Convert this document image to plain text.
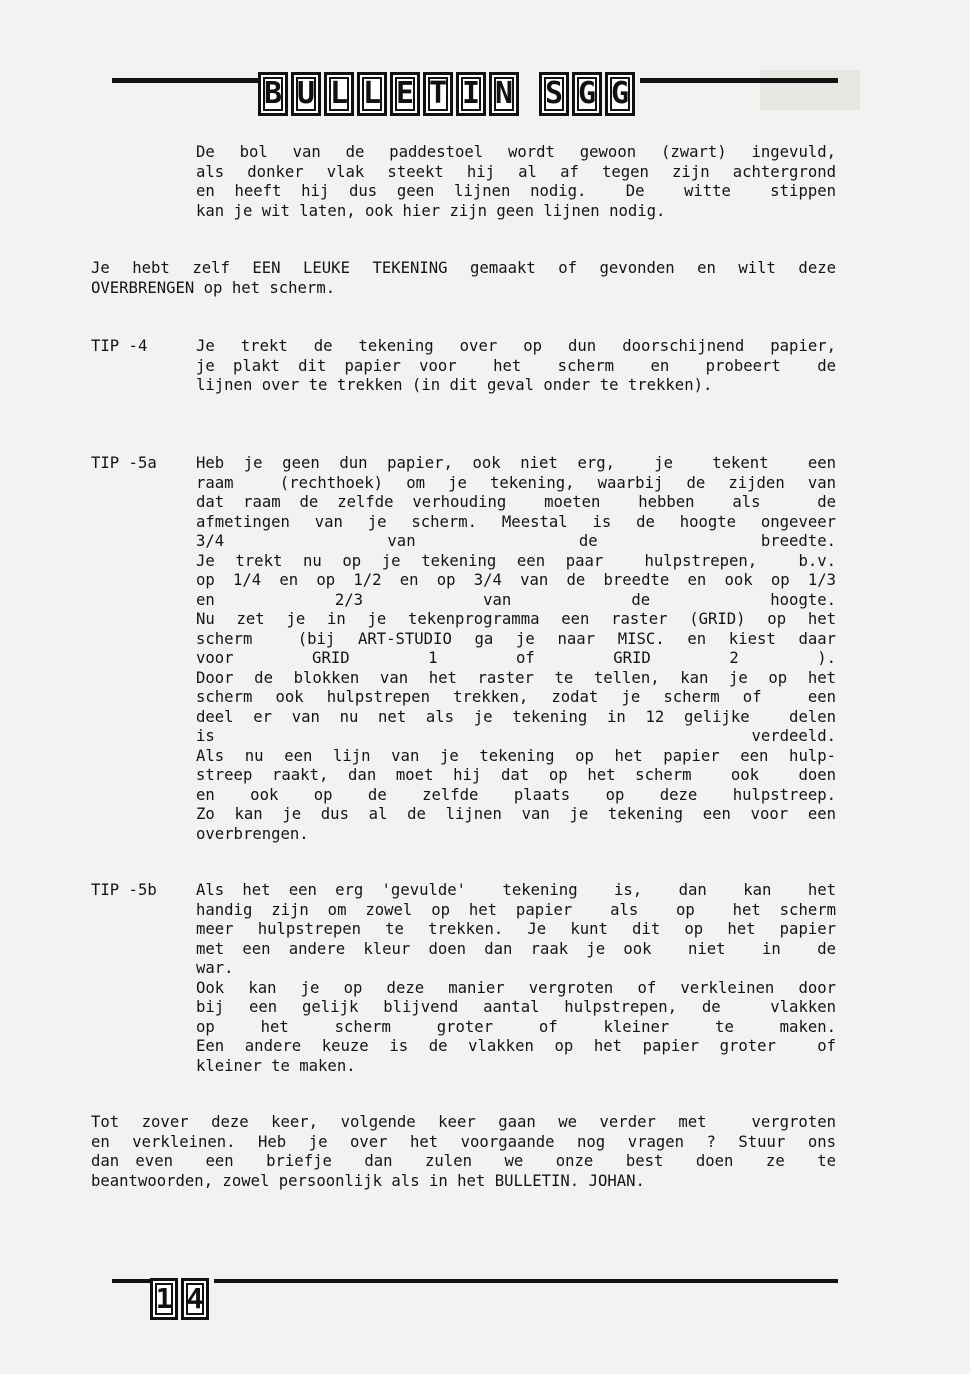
B U L L E T I N S G G
De bol van de paddestoel wordt gewoon (zwart) ingevuld,
als donker vlak steekt hij al af tegen zijn achtergrond
en heeft hij dus geen lijnen nodig.  De  witte  stippen
kan je wit laten, ook hier zijn geen lijnen nodig.
Je hebt zelf EEN LEUKE TEKENING gemaakt of gevonden en wilt deze
OVERBRENGEN op het scherm.
TIP -4	Je trekt de tekening over op dun doorschijnend papier,
je plakt dit papier voor  het  scherm  en  probeert  de
lijnen over te trekken (in dit geval onder te trekken).
TIP -5a	Heb je geen dun papier, ook niet erg,  je  tekent  een
raam  (rechthoek) om je tekening, waarbij de zijden van
dat raam de zelfde verhouding  moeten  hebben  als   de
afmetingen van je scherm. Meestal is de hoogte ongeveer
3/4 van de breedte.
Je trekt nu op je tekening een paar  hulpstrepen,  b.v.
op 1/4 en op 1/2 en op 3/4 van de breedte en ook op 1/3
en 2/3 van de hoogte.
Nu zet je in je tekenprogramma een raster (GRID) op het
scherm  (bij ART-STUDIO ga je naar MISC. en kiest daar
voor GRID 1 of GRID 2 ).
Door de blokken van het raster te tellen, kan je op het
scherm ook hulpstrepen trekken, zodat je scherm of  een
deel er van nu net als je tekening in 12 gelijke  delen
is verdeeld.
Als nu een lijn van je tekening op het papier een hulp-
streep raakt, dan moet hij dat op het scherm  ook  doen
en ook op de zelfde plaats op deze hulpstreep.
Zo kan je dus al de lijnen van je tekening een voor een
overbrengen.
TIP -5b	Als het een erg 'gevulde'  tekening  is,  dan  kan  het
handig zijn om zowel op het papier  als  op  het scherm
meer hulpstrepen te trekken. Je kunt dit op het papier
met een andere kleur doen dan raak je ook  niet  in  de
war.
Ook kan je op deze manier vergroten of verkleinen door
bij een gelijk blijvend aantal hulpstrepen, de  vlakken
op het scherm groter of kleiner te maken.
Een andere keuze is de vlakken op het papier groter  of
kleiner te maken.
Tot zover deze keer, volgende keer gaan we verder met  vergroten
en verkleinen. Heb je over het voorgaande nog vragen ? Stuur ons
dan even  een  briefje  dan  zulen  we  onze  best  doen  ze  te
beantwoorden, zowel persoonlijk als in het BULLETIN. JOHAN.
1 4
